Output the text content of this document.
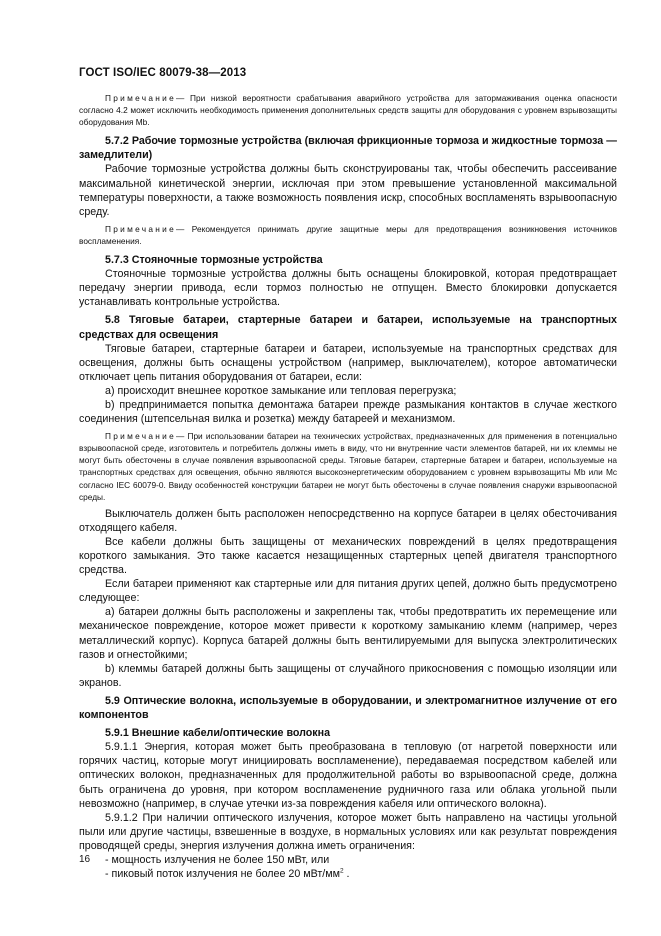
ГОСТ ISO/IEC 80079-38—2013

Примечание— При низкой вероятности срабатывания аварийного устройства для затормаживания оценка опасности согласно 4.2 может исключить необходимость применения дополнительных средств защиты для оборудования с уровнем взрывозащиты оборудования Mb.

5.7.2 Рабочие тормозные устройства (включая фрикционные тормоза и жидкостные тормоза — замедлители)

Рабочие тормозные устройства должны быть сконструированы так, чтобы обеспечить рассеивание максимальной кинетической энергии, исключая при этом превышение установленной максимальной температуры поверхности, а также возможность появления искр, способных воспламенять взрывоопасную среду.

Примечание— Рекомендуется принимать другие защитные меры для предотвращения возникновения источников воспламенения.

5.7.3 Стояночные тормозные устройства

Стояночные тормозные устройства должны быть оснащены блокировкой, которая предотвращает передачу энергии привода, если тормоз полностью не отпущен. Вместо блокировки допускается устанавливать контрольные устройства.

5.8 Тяговые батареи, стартерные батареи и батареи, используемые на транспортных средствах для освещения

Тяговые батареи, стартерные батареи и батареи, используемые на транспортных средствах для освещения, должны быть оснащены устройством (например, выключателем), которое автоматически отключает цепь питания оборудования от батареи, если:

а) происходит внешнее короткое замыкание или тепловая перегрузка;

b) предпринимается попытка демонтажа батареи прежде размыкания контактов в случае жесткого соединения (штепсельная вилка и розетка) между батареей и механизмом.

Примечание— При использовании батареи на технических устройствах, предназначенных для применения в потенциально взрывоопасной среде, изготовитель и потребитель должны иметь в виду, что ни внутренние части элементов батарей, ни их клеммы не могут быть обесточены в случае появления взрывоопасной среды. Тяговые батареи, стартерные батареи и батареи, используемые на транспортных средствах для освещения, обычно являются высокоэнергетическим оборудованием с уровнем взрывозащиты Mb или Mc согласно IEC 60079-0. Ввиду особенностей конструкции батареи не могут быть обесточены в случае появления снаружи взрывоопасной среды.

Выключатель должен быть расположен непосредственно на корпусе батареи в целях обесточивания отходящего кабеля.

Все кабели должны быть защищены от механических повреждений в целях предотвращения короткого замыкания. Это также касается незащищенных стартерных цепей двигателя транспортного средства.

Если батареи применяют как стартерные или для питания других цепей, должно быть предусмотрено следующее:

а) батареи должны быть расположены и закреплены так, чтобы предотвратить их перемещение или механическое повреждение, которое может привести к короткому замыканию клемм (например, через металлический корпус). Корпуса батарей должны быть вентилируемыми для выпуска электролитических газов и огнестойкими;

b) клеммы батарей должны быть защищены от случайного прикосновения с помощью изоляции или экранов.

5.9 Оптические волокна, используемые в оборудовании, и электромагнитное излучение от его компонентов

5.9.1 Внешние кабели/оптические волокна

5.9.1.1 Энергия, которая может быть преобразована в тепловую (от нагретой поверхности или горячих частиц, которые могут инициировать воспламенение), передаваемая посредством кабелей или оптических волокон, предназначенных для продолжительной работы во взрывоопасной среде, должна быть ограничена до уровня, при котором воспламенение рудничного газа или облака угольной пыли невозможно (например, в случае утечки из-за повреждения кабеля или оптического волокна).

5.9.1.2 При наличии оптического излучения, которое может быть направлено на частицы угольной пыли или другие частицы, взвешенные в воздухе, в нормальных условиях или как результат повреждения проводящей среды, энергия излучения должна иметь ограничения:

- мощность излучения не более 150 мВт, или

- пиковый поток излучения не более 20 мВт/$мм^2$ .

16
